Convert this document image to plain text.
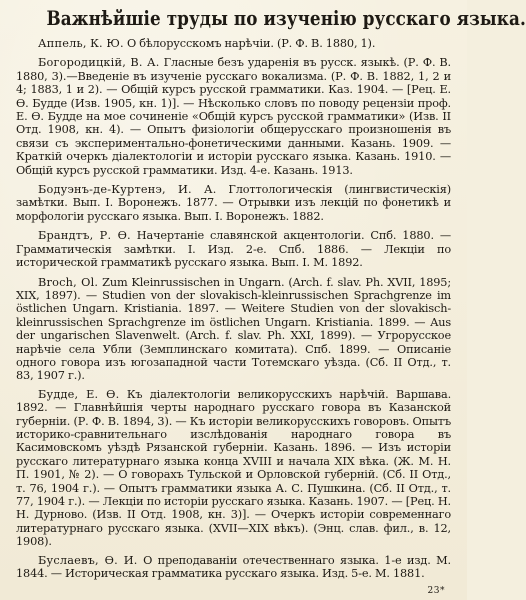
Важнѣйшіе труды по изученію русскаго языка.

Аппель, К. Ю. О бѣлорусскомъ нарѣчіи. (Р. Ф. В. 1880, 1).

Богородицкій, В. А. Гласные безъ ударенія въ русск. языкѣ. (Р. Ф. В. 1880, 3).—Введеніе въ изученіе русскаго вокализма. (Р. Ф. В. 1882, 1, 2 и 4; 1883, 1 и 2). — Общій курсъ русской грамматики. Каз. 1904. — [Рец. Е. Ѳ. Будде (Изв. 1905, кн. 1)]. — Нѣсколько словъ по поводу рецензіи проф. Е. Ѳ. Будде на мое сочиненіе «Общій курсъ русской грамматики» (Изв. II Отд. 1908, кн. 4). — Опытъ физіологіи общерусскаго произношенія въ связи съ экспериментально-фонетическими данными. Казань. 1909. — Краткій очеркъ діалектологіи и исторіи русскаго языка. Казань. 1910. — Общій курсъ русской грамматики. Изд. 4-е. Казань. 1913.

Бодуэнъ-де-Куртенэ, И. А. Глоттологическія (лингвистическія) замѣтки. Вып. I. Воронежъ. 1877. — Отрывки изъ лекцій по фонетикѣ и морфологіи русскаго языка. Вып. I. Воронежъ. 1882.

Брандтъ, Р. Ѳ. Начертаніе славянской акцентологіи. Спб. 1880. — Грамматическія замѣтки. I. Изд. 2-е. Спб. 1886. — Лекціи по исторической грамматикѣ русскаго языка. Вып. I. М. 1892.

Broch, Ol. Zum Kleinrussischen in Ungarn. (Arch. f. slav. Ph. XVII, 1895; XIX, 1897). — Studien von der slovakisch-kleinrussischen Sprachgrenze im östlichen Ungarn. Kristiania. 1897. — Weitere Studien von der slovakisch-kleinrussischen Sprachgrenze im östlichen Ungarn. Kristiania. 1899. — Aus der ungarischen Slavenwelt. (Arch. f. slav. Ph. XXI, 1899). — Угрорусское нарѣчіе села Убли (Земплинскаго комитата). Спб. 1899. — Описаніе одного говора изъ югозападной части Тотемскаго уѣзда. (Сб. II Отд., т. 83, 1907 г.).

Будде, Е. Ѳ. Къ діалектологіи великорусскихъ нарѣчій. Варшава. 1892. — Главнѣйшія черты народнаго русскаго говора въ Казанской губерніи. (Р. Ф. В. 1894, 3). — Къ исторіи великорусскихъ говоровъ. Опытъ историко-сравнительнаго изслѣдованія народнаго говора въ Касимовскомъ уѣздѣ Рязанской губерніи. Казань. 1896. — Изъ исторіи русскаго литературнаго языка конца XVIII и начала XIX вѣка. (Ж. М. Н. П. 1901, № 2). — О говорахъ Тульской и Орловской губерній. (Сб. II Отд., т. 76, 1904 г.). — Опытъ грамматики языка А. С. Пушкина. (Сб. II Отд., т. 77, 1904 г.). — Лекціи по исторіи русскаго языка. Казань. 1907. — [Рец. Н. Н. Дурново. (Изв. II Отд. 1908, кн. 3)]. — Очеркъ исторіи современнаго литературнаго русскаго языка. (XVII—XIX вѣкъ). (Энц. слав. фил., в. 12, 1908).

Буслаевъ, Ѳ. И. О преподаваніи отечественнаго языка. 1-е изд. М. 1844. — Историческая грамматика русскаго языка. Изд. 5-е. М. 1881.

23*
